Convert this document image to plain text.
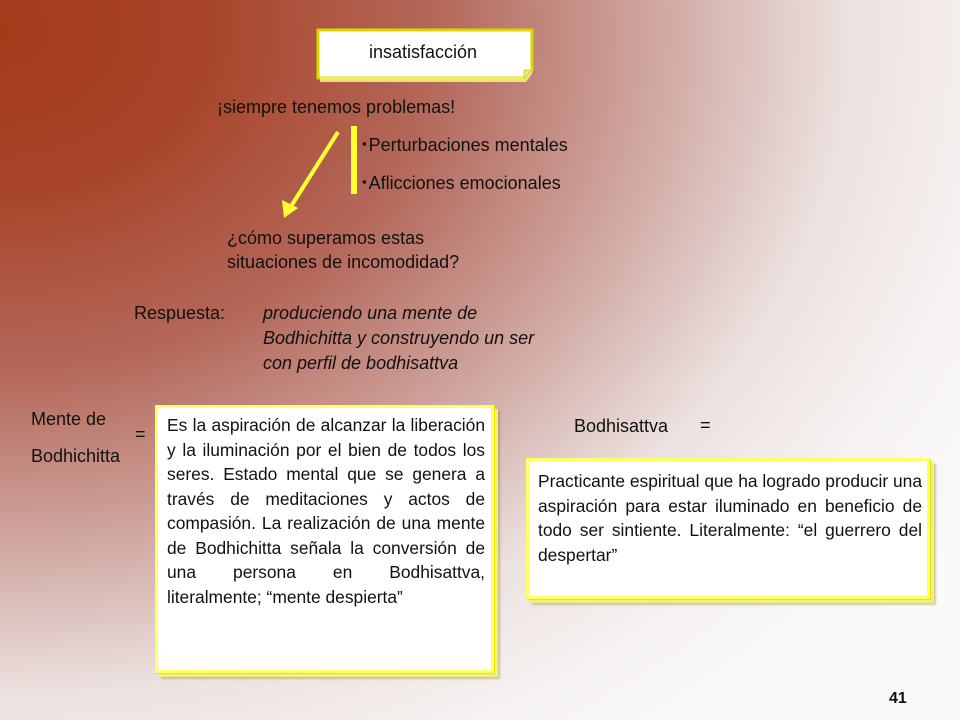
insatisfacción
¡siempre tenemos problemas!
▪ Perturbaciones mentales
▪ Aflicciones emocionales
¿cómo superamos estas
situaciones de incomodidad?
Respuesta: produciendo una mente de
Bodhichitta y construyendo un ser
con perfil de bodhisattva
Mente de
Bodhichitta
= Es la aspiración de alcanzar la liberación y la iluminación por el bien de todos los seres. Estado mental que se genera a través de meditaciones y actos de compasión. La realización de una mente de Bodhichitta señala la conversión de una persona en Bodhisattva, literalmente; “mente despierta”
Bodhisattva =
Practicante espiritual que ha logrado producir una aspiración para estar iluminado en beneficio de todo ser sintiente. Literalmente: “el guerrero del despertar”
41
